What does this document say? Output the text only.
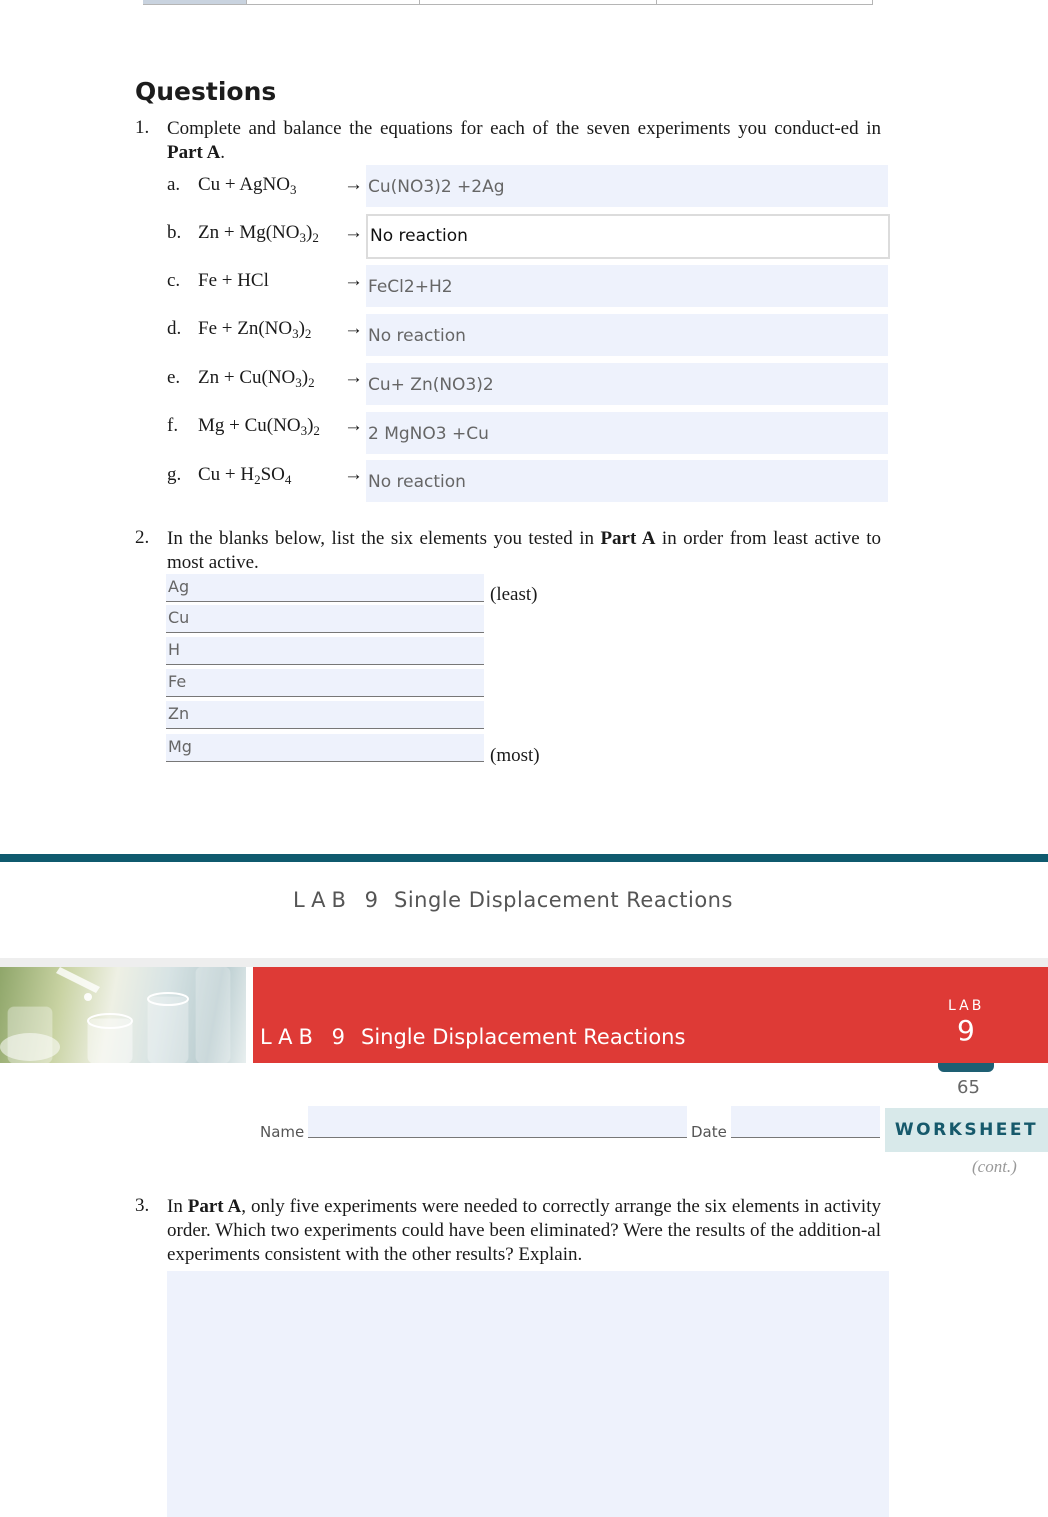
Questions
1. Complete and balance the equations for each of the seven experiments you conduct-ed in Part A.
a. Cu + AgNO$_3$ → Cu(NO3)2 +2Ag
b. $Zn + Mg(NO_3)_2 \to No$ reaction
c. Fe + HCl	→ FeCl2+H2
d. $Fe + Zn(NO_3)_2 \to No$ reaction
e. $Zn + Cu(NO_3)_2 \to Cu+ Zn(NO3)2$
f. $Mg + Cu(NO_3)_2 \to 2$ MgNO3 +Cu
g. $Cu + H_2SO_4$	→ No reaction
2. In the blanks below, list the six elements you tested in Part A in order from least active to most active.
Ag	(least)
Cu
H
Fe
Zn
Mg	(most)
LAB 9 Single Displacement Reactions
LAB 9 Single Displacement Reactions
LAB
9
65
Name	Date	WORKSHEET
(cont.)
3. In Part A, only five experiments were needed to correctly arrange the six elements in activity order. Which two experiments could have been eliminated? Were the results of the addition-al experiments consistent with the other results? Explain.
